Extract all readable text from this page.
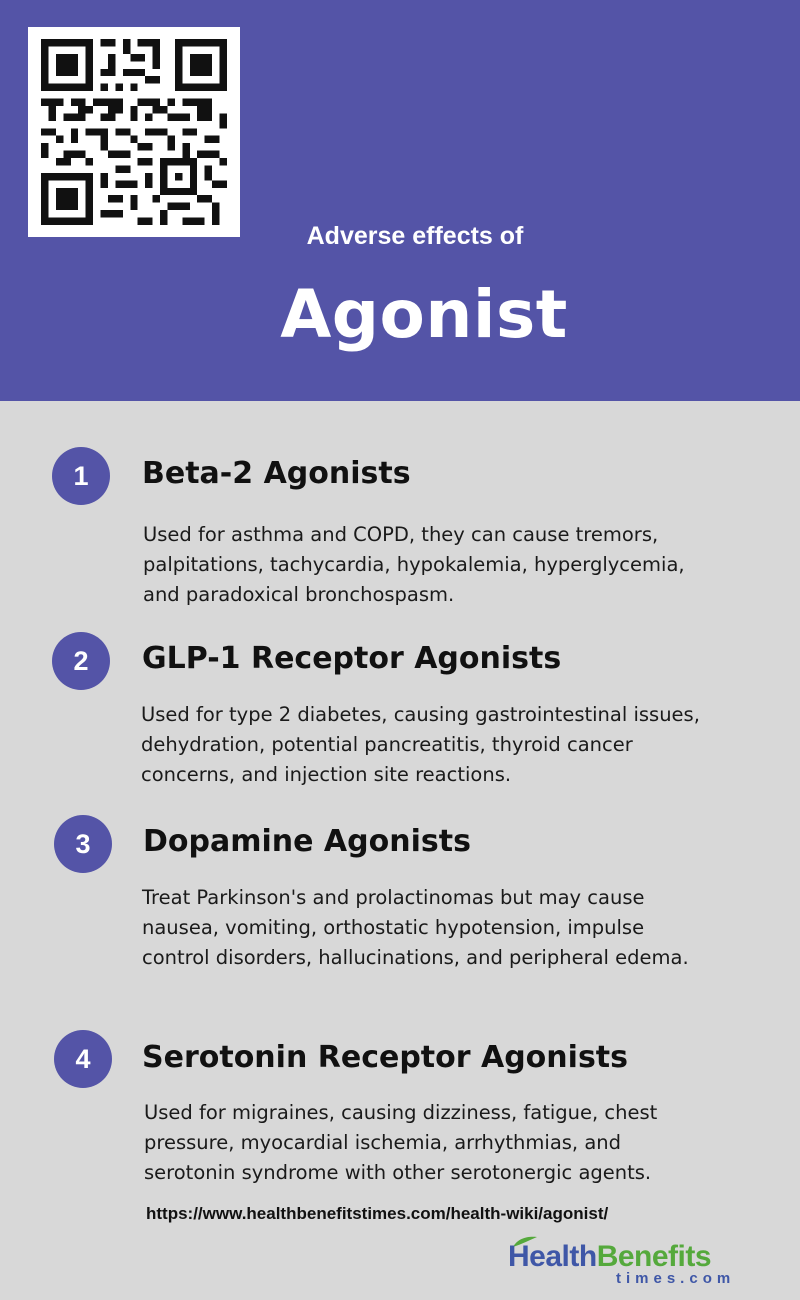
Adverse effects of
Agonist
1	Beta-2 Agonists
Used for asthma and COPD, they can cause tremors, palpitations, tachycardia, hypokalemia, hyperglycemia, and paradoxical bronchospasm.
2	GLP-1 Receptor Agonists
Used for type 2 diabetes, causing gastrointestinal issues, dehydration, potential pancreatitis, thyroid cancer concerns, and injection site reactions.
3	Dopamine Agonists
Treat Parkinson's and prolactinomas but may cause nausea, vomiting, orthostatic hypotension, impulse control disorders, hallucinations, and peripheral edema.
4	Serotonin Receptor Agonists
Used for migraines, causing dizziness, fatigue, chest pressure, myocardial ischemia, arrhythmias, and serotonin syndrome with other serotonergic agents.
https://www.healthbenefitstimes.com/health-wiki/agonist/
HealthBenefits
times.com
